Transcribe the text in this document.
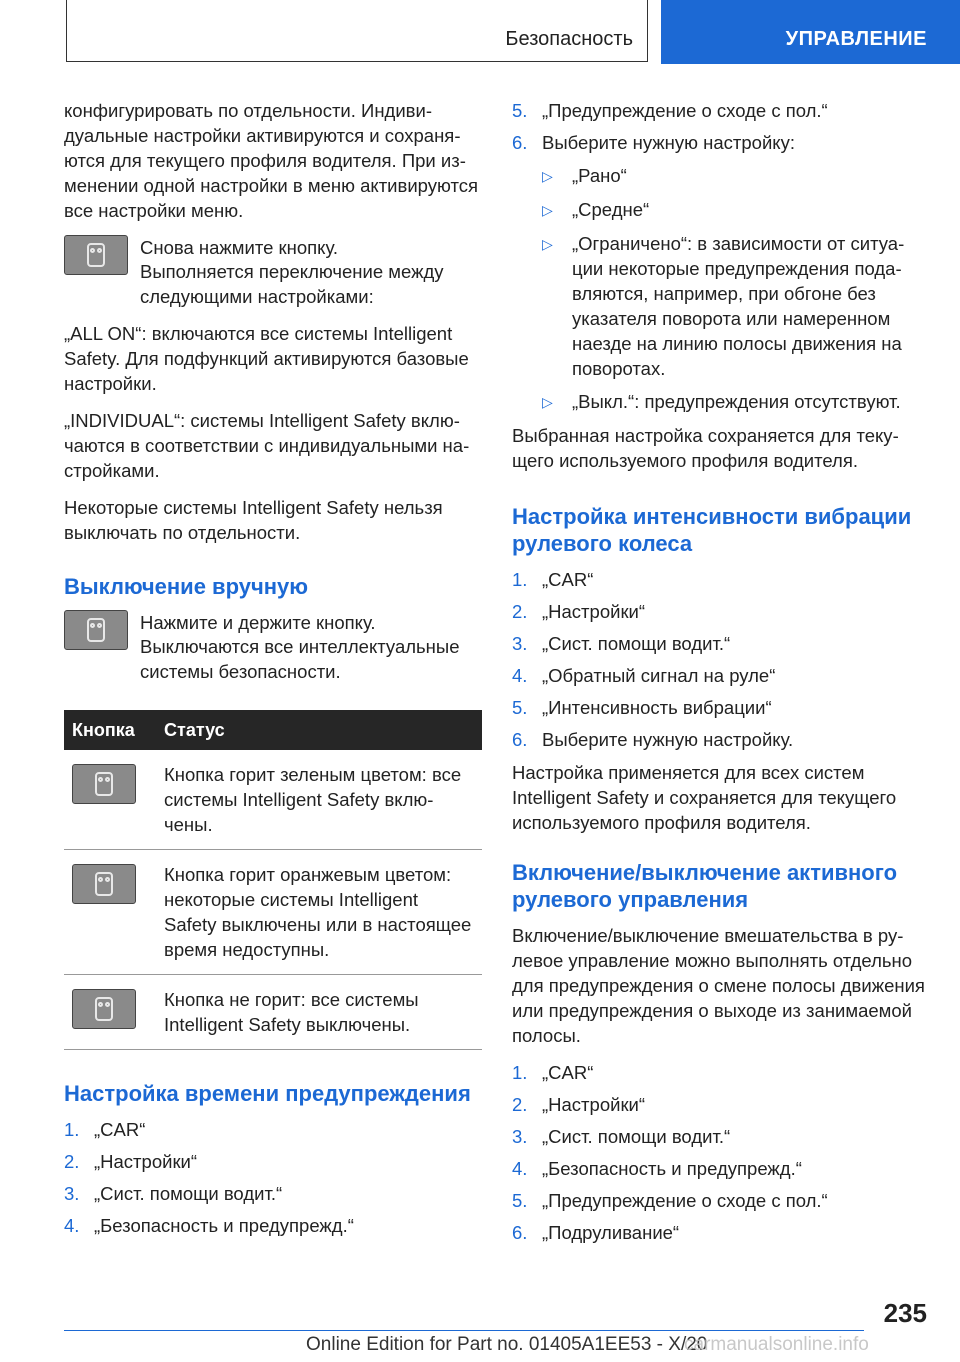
Безопасность	УПРАВЛЕНИЕ

конфигурировать по отдельности. Индивидуальные настройки активируются и сохраняются для текущего профиля водителя. При изменении одной настройки в меню активируются все настройки меню.

Снова нажмите кнопку.

Выполняется переключение между следующими настройками:

„ALL ON“: включаются все системы Intelligent Safety. Для подфункций активируются базовые настройки.

„INDIVIDUAL“: системы Intelligent Safety включаются в соответствии с индивидуальными настройками.

Некоторые системы Intelligent Safety нельзя выключать по отдельности.

Выключение вручную
Нажмите и держите кнопку.

Выключаются все интеллектуальные системы безопасности.

Кнопка	Статус

	Кнопка горит зеленым цветом: все системы Intelligent Safety включены.

	Кнопка горит оранжевым цветом: некоторые системы Intelligent Safety выключены или в настоящее время недоступны.

	Кнопка не горит: все системы Intelligent Safety выключены.
Настройка времени предупреждения
1. „CAR“
2. „Настройки“
3. „Сист. помощи водит.“
4. „Безопасность и предупрежд.“
5. „Предупреждение о сходе с пол.“
6. Выберите нужную настройку:
▷	„Рано“
▷	„Средне“
▷	„Ограничено“: в зависимости от ситуации некоторые предупреждения подавляются, например, при обгоне без указателя поворота или намеренном наезде на линию полосы движения на поворотах.
▷	„Выкл.“: предупреждения отсутствуют.

Выбранная настройка сохраняется для текущего используемого профиля водителя.

Настройка интенсивности вибрации рулевого колеса
1. „CAR“
2. „Настройки“
3. „Сист. помощи водит.“
4. „Обратный сигнал на руле“
5. „Интенсивность вибрации“
6. Выберите нужную настройку.

Настройка применяется для всех систем Intelligent Safety и сохраняется для текущего используемого профиля водителя.

Включение/выключение активного рулевого управления

Включение/выключение вмешательства в рулевое управление можно выполнять отдельно для предупреждения о смене полосы движения или предупреждения о выходе из занимаемой полосы.

1. „CAR“
2. „Настройки“
3. „Сист. помощи водит.“
4. „Безопасность и предупрежд.“
5. „Предупреждение о сходе с пол.“
6. „Подруливание“
235
Online Edition for Part no. 01405A1EE53 - X/20
carmanualsonline.info
